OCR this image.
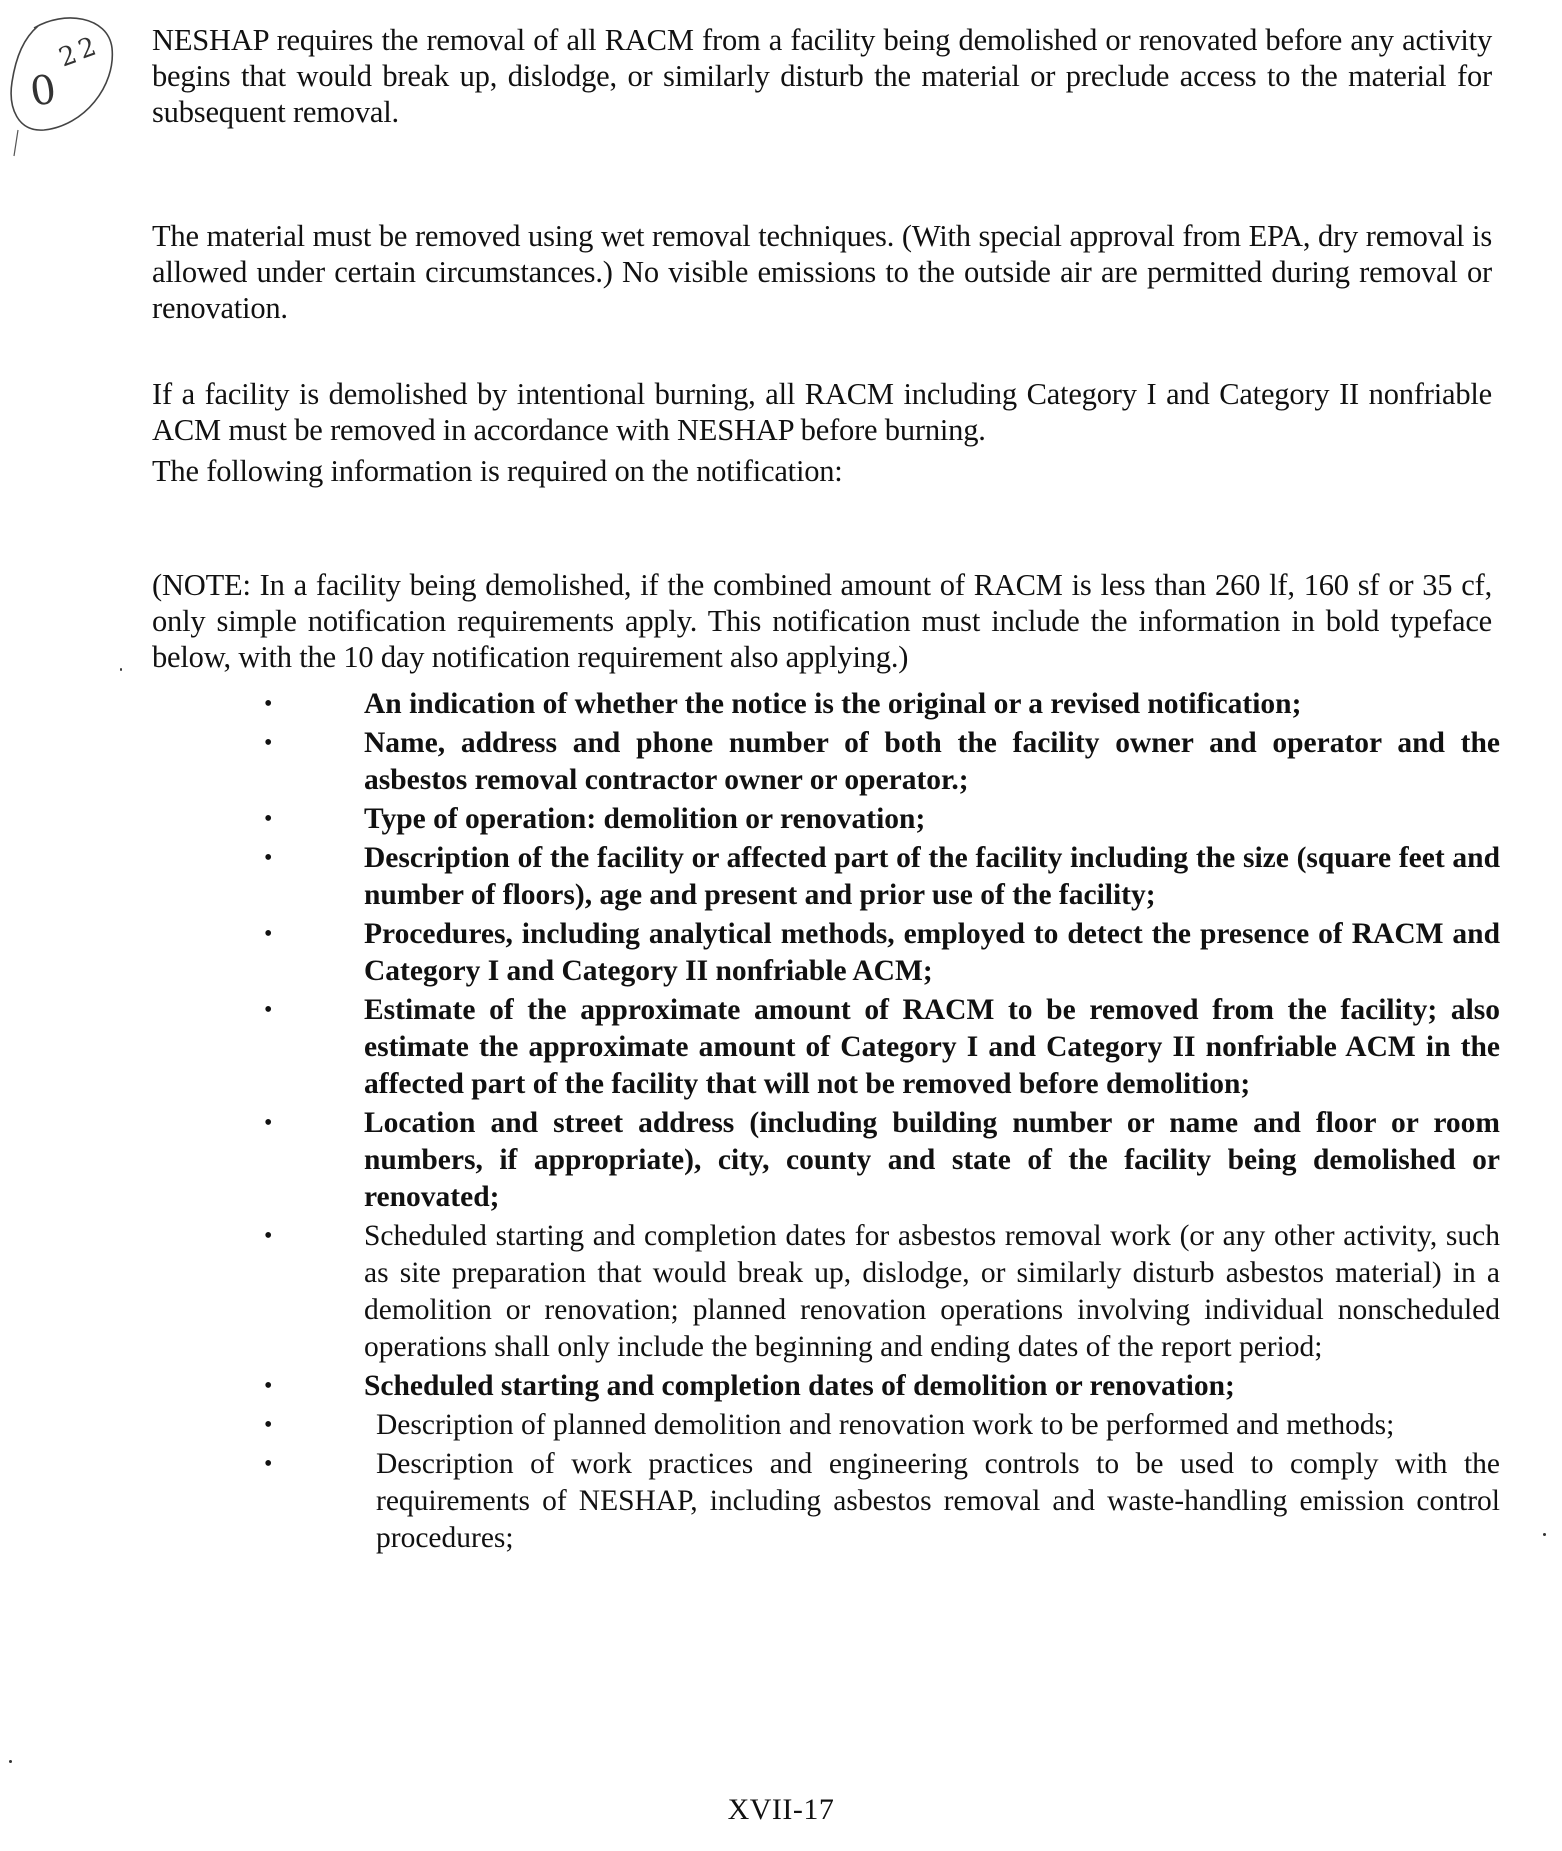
0
2
2 NESHAP requires the removal of all RACM from a facility being demolished or renovated before any activity begins that would break up, dislodge, or similarly disturb the material or preclude access to the material for subsequent removal.

The material must be removed using wet removal techniques. (With special approval from EPA, dry removal is allowed under certain circumstances.) No visible emissions to the outside air are permitted during removal or renovation.

If a facility is demolished by intentional burning, all RACM including Category I and Category II nonfriable ACM must be removed in accordance with NESHAP before burning.

The following information is required on the notification:

(NOTE: In a facility being demolished, if the combined amount of RACM is less than 260 lf, 160 sf or 35 cf, only simple notification requirements apply. This notification must include the information in bold typeface below, with the 10 day notification requirement also applying.)

•	An indication of whether the notice is the original or a revised notification;
•	Name, address and phone number of both the facility owner and operator and the asbestos removal contractor owner or operator.;
•	Type of operation: demolition or renovation;
•	Description of the facility or affected part of the facility including the size (square feet and number of floors), age and present and prior use of the facility;
•	Procedures, including analytical methods, employed to detect the presence of RACM and Category I and Category II nonfriable ACM;
•	Estimate of the approximate amount of RACM to be removed from the facility; also estimate the approximate amount of Category I and Category II nonfriable ACM in the affected part of the facility that will not be removed before demolition;
•	Location and street address (including building number or name and floor or room numbers, if appropriate), city, county and state of the facility being demolished or renovated;
•	Scheduled starting and completion dates for asbestos removal work (or any other activity, such as site preparation that would break up, dislodge, or similarly disturb asbestos material) in a demolition or renovation; planned renovation operations involving individual nonscheduled operations shall only include the beginning and ending dates of the report period;
•	Scheduled starting and completion dates of demolition or renovation;
•	Description of planned demolition and renovation work to be performed and methods;
•	Description of work practices and engineering controls to be used to comply with the requirements of NESHAP, including asbestos removal and waste-handling emission control procedures;
XVII-17
